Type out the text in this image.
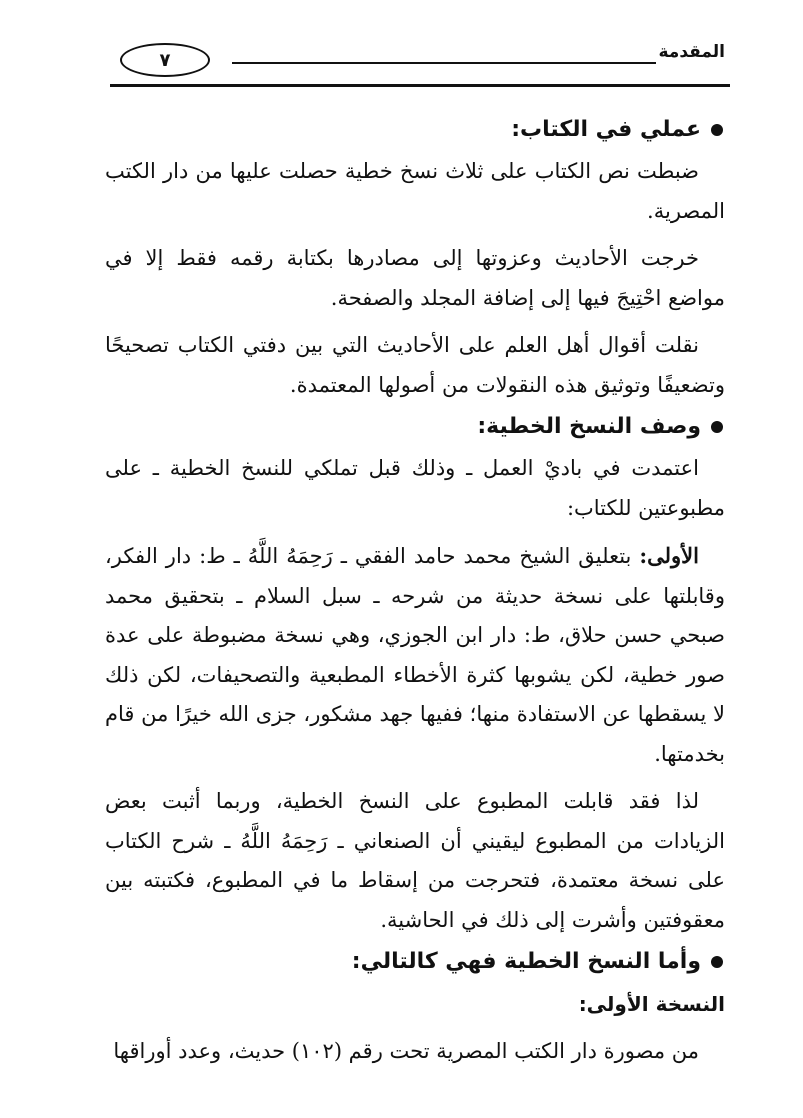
المقدمة
٧

عملي في الكتاب:

ضبطت نص الكتاب على ثلاث نسخ خطية حصلت عليها من دار الكتب المصرية.

خرجت الأحاديث وعزوتها إلى مصادرها بكتابة رقمه فقط إلا في مواضع احْتِيجَ فيها إلى إضافة المجلد والصفحة.

نقلت أقوال أهل العلم على الأحاديث التي بين دفتي الكتاب تصحيحًا وتضعيفًا وتوثيق هذه النقولات من أصولها المعتمدة.

وصف النسخ الخطية:

اعتمدت في باديْ العمل ـ وذلك قبل تملكي للنسخ الخطية ـ على مطبوعتين للكتاب:

الأولى: بتعليق الشيخ محمد حامد الفقي ـ رَحِمَهُ اللَّهُ ـ ط: دار الفكر، وقابلتها على نسخة حديثة من شرحه ـ سبل السلام ـ بتحقيق محمد صبحي حسن حلاق، ط: دار ابن الجوزي، وهي نسخة مضبوطة على عدة صور خطية، لكن يشوبها كثرة الأخطاء المطبعية والتصحيفات، لكن ذلك لا يسقطها عن الاستفادة منها؛ ففيها جهد مشكور، جزى الله خيرًا من قام بخدمتها.

لذا فقد قابلت المطبوع على النسخ الخطية، وربما أثبت بعض الزيادات من المطبوع ليقيني أن الصنعاني ـ رَحِمَهُ اللَّهُ ـ شرح الكتاب على نسخة معتمدة، فتحرجت من إسقاط ما في المطبوع، فكتبته بين معقوفتين وأشرت إلى ذلك في الحاشية.

وأما النسخ الخطية فهي كالتالي:

النسخة الأولى:

من مصورة دار الكتب المصرية تحت رقم (١٠٢) حديث، وعدد أوراقها
